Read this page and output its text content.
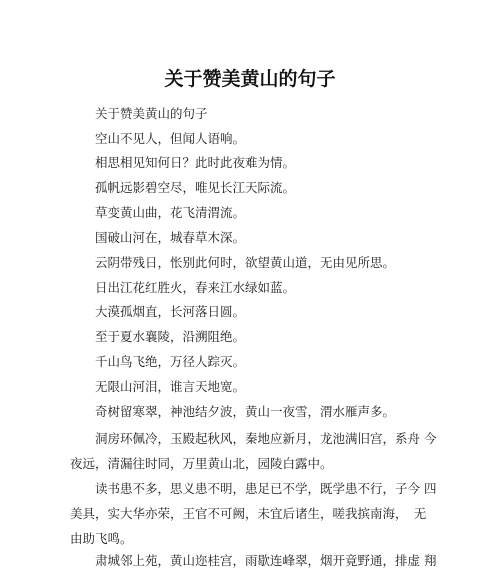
关于赞美黄山的句子

关于赞美黄山的句子

空山不见人，但闻人语响。

相思相见知何日？此时此夜难为情。

孤帆远影碧空尽，唯见长江天际流。

草变黄山曲，花飞清渭流。

国破山河在，城春草木深。

云阴带残日，怅别此何时，欲望黄山道，无由见所思。

日出江花红胜火，春来江水绿如蓝。

大漠孤烟直，长河落日圆。

至于夏水襄陵，沿溯阻绝。

千山鸟飞绝，万径人踪灭。

无限山河泪，谁言天地宽。

奇树留寒翠，神池结夕波，黄山一夜雪，渭水雁声多。

洞房环佩冷，玉殿起秋风，秦地应新月，龙池满旧宫，系舟 今
夜远，清漏往时同，万里黄山北，园陵白露中。
读书患不多，思义患不明，患足已不学，既学患不行，子今 四
美具，实大华亦荣，王官不可阙，未宜后诸生，嗟我摈南海，　无
由助飞鸣。
肃城邻上苑，黄山迩桂宫，雨歇连峰翠，烟开竟野通，排虚 翔
